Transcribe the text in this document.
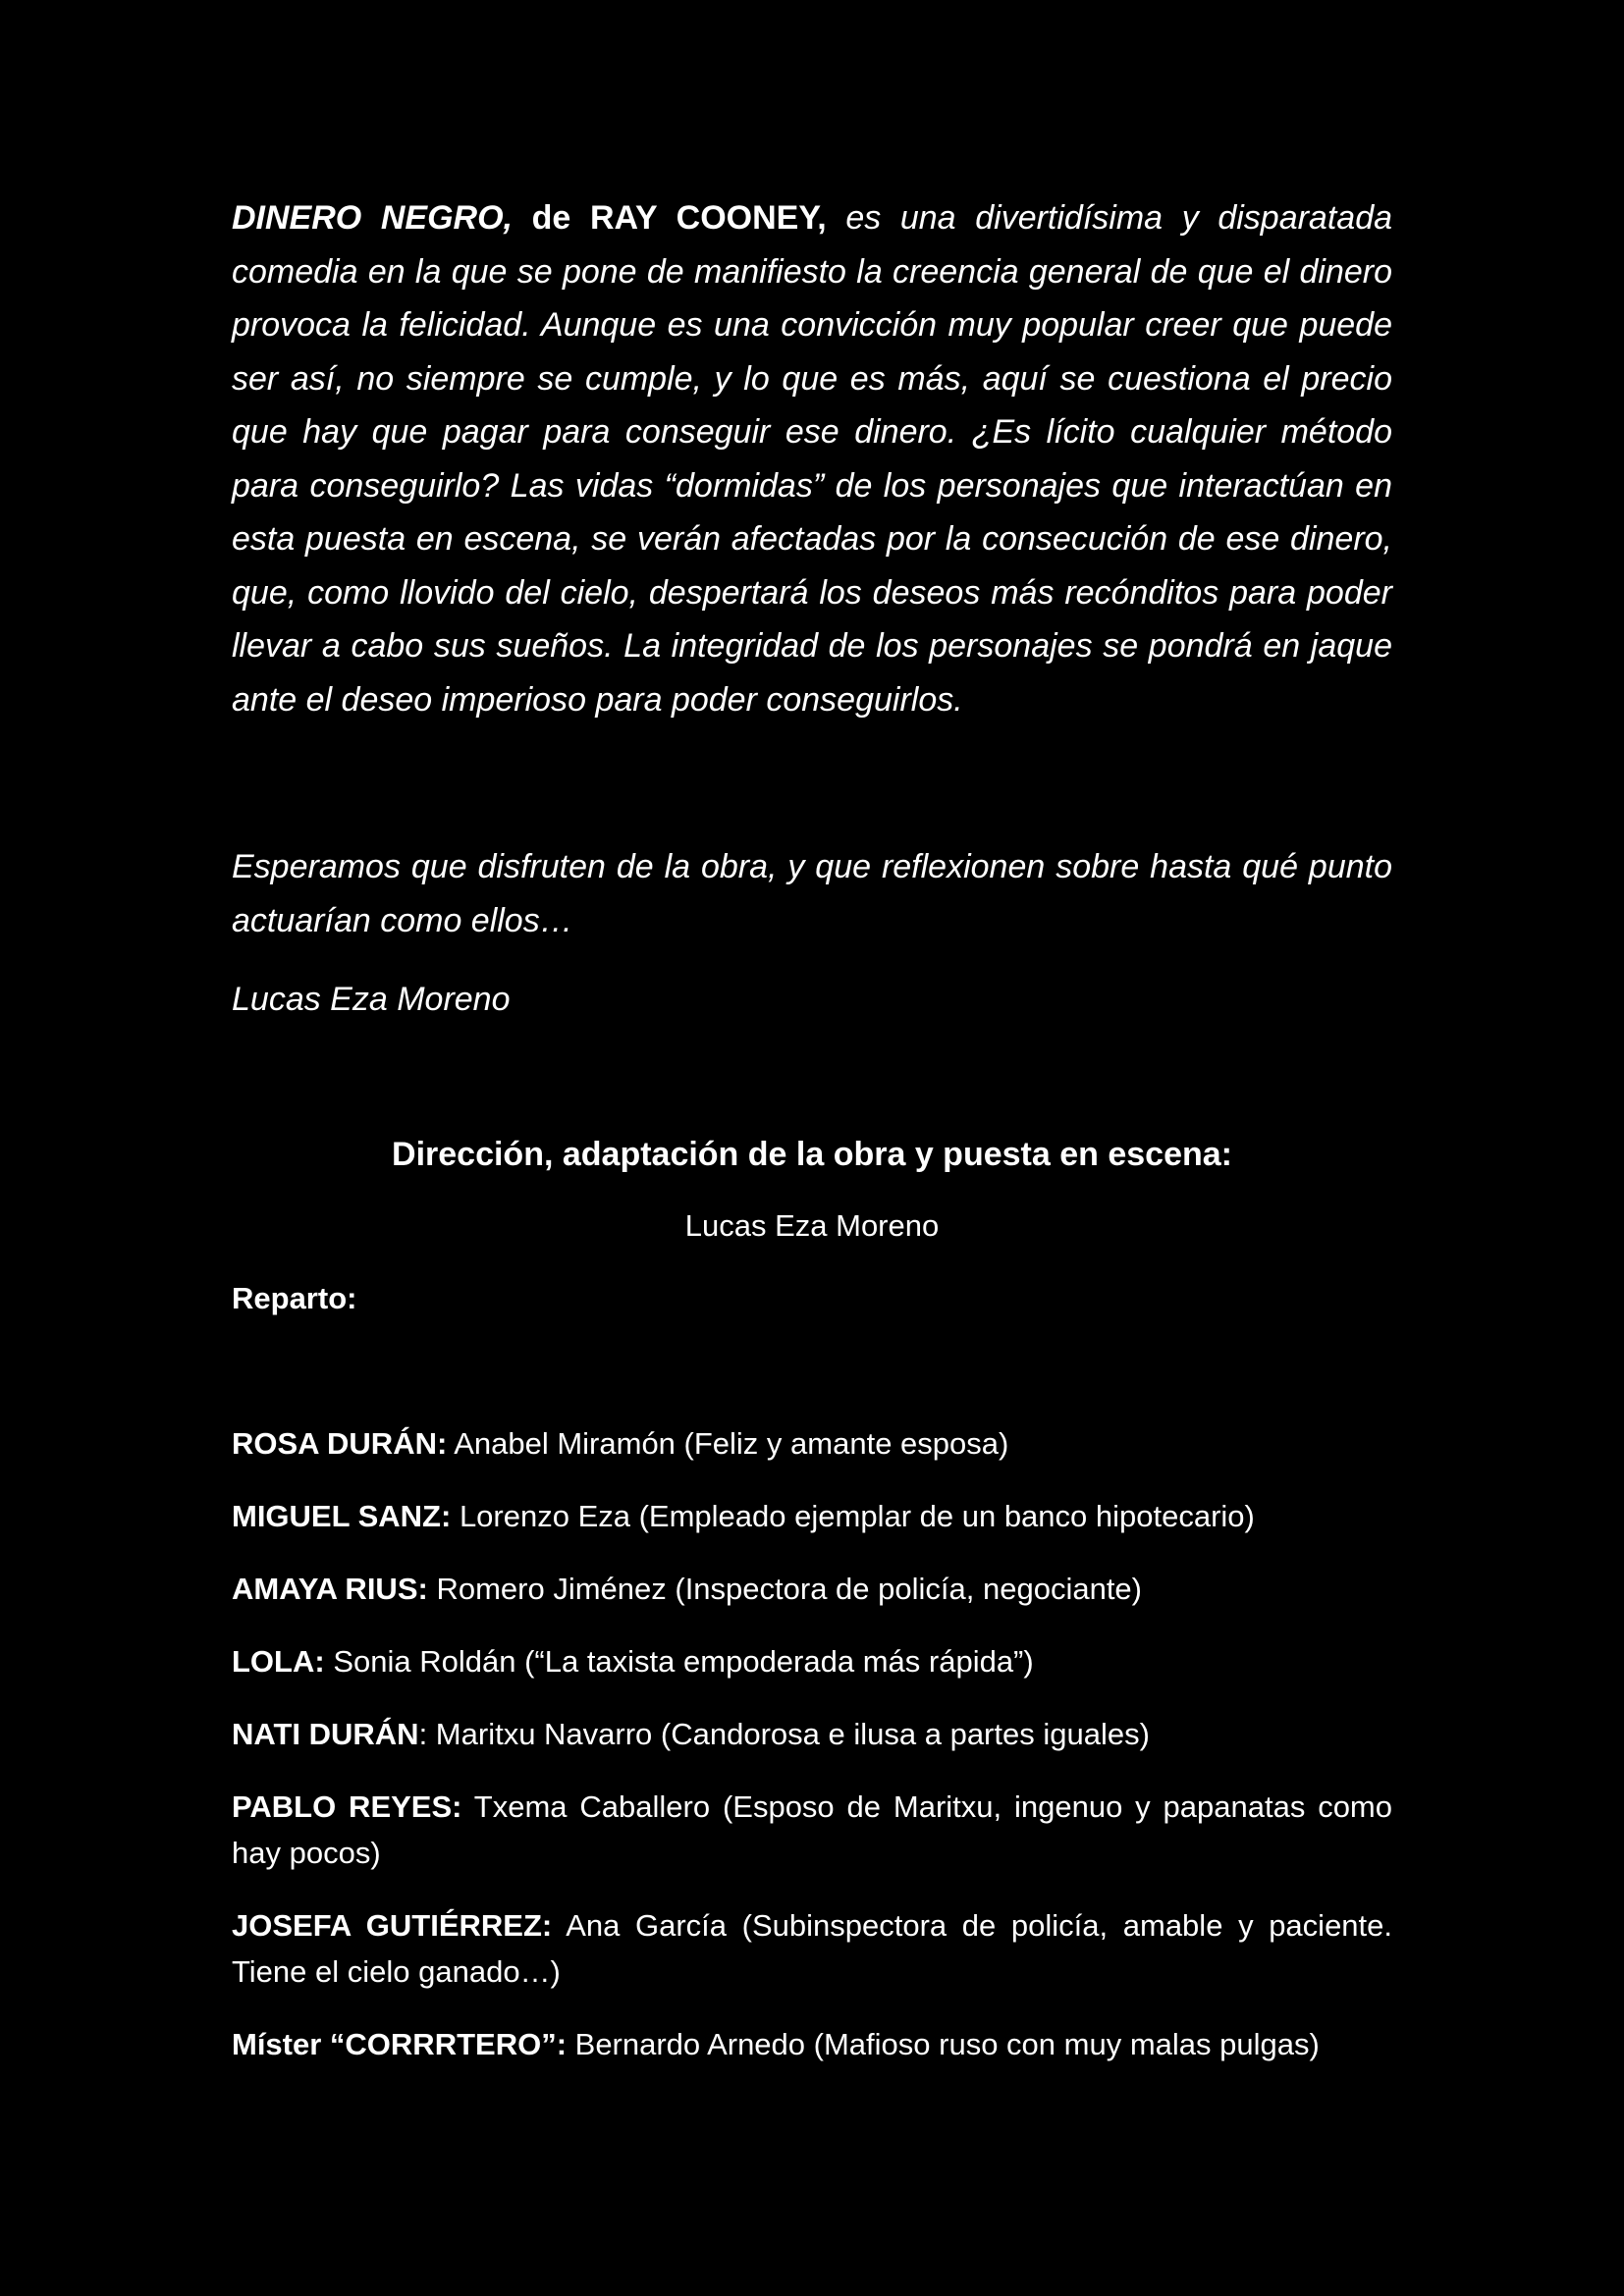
DINERO NEGRO, de RAY COONEY, es una divertidísima y disparatada comedia en la que se pone de manifiesto la creencia general de que el dinero provoca la felicidad. Aunque es una convicción muy popular creer que puede ser así, no siempre se cumple, y lo que es más, aquí se cuestiona el precio que hay que pagar para conseguir ese dinero. ¿Es lícito cualquier método para conseguirlo? Las vidas “dormidas” de los personajes que interactúan en esta puesta en escena, se verán afectadas por la consecución de ese dinero, que, como llovido del cielo, despertará los deseos más recónditos para poder llevar a cabo sus sueños. La integridad de los personajes se pondrá en jaque ante el deseo imperioso para poder conseguirlos.

Esperamos que disfruten de la obra, y que reflexionen sobre hasta qué punto actuarían como ellos…

Lucas Eza Moreno

Dirección, adaptación de la obra y puesta en escena:

Lucas Eza Moreno

Reparto:

ROSA DURÁN: Anabel Miramón (Feliz y amante esposa)
MIGUEL SANZ: Lorenzo Eza (Empleado ejemplar de un banco hipotecario)
AMAYA RIUS: Romero Jiménez (Inspectora de policía, negociante)
LOLA: Sonia Roldán (“La taxista empoderada más rápida”)
NATI DURÁN: Maritxu Navarro (Candorosa e ilusa a partes iguales)
PABLO REYES: Txema Caballero (Esposo de Maritxu, ingenuo y papanatas como hay pocos)
JOSEFA GUTIÉRREZ: Ana García (Subinspectora de policía, amable y paciente. Tiene el cielo ganado…)
Míster “CORRRTERO”: Bernardo Arnedo (Mafioso ruso con muy malas pulgas)
